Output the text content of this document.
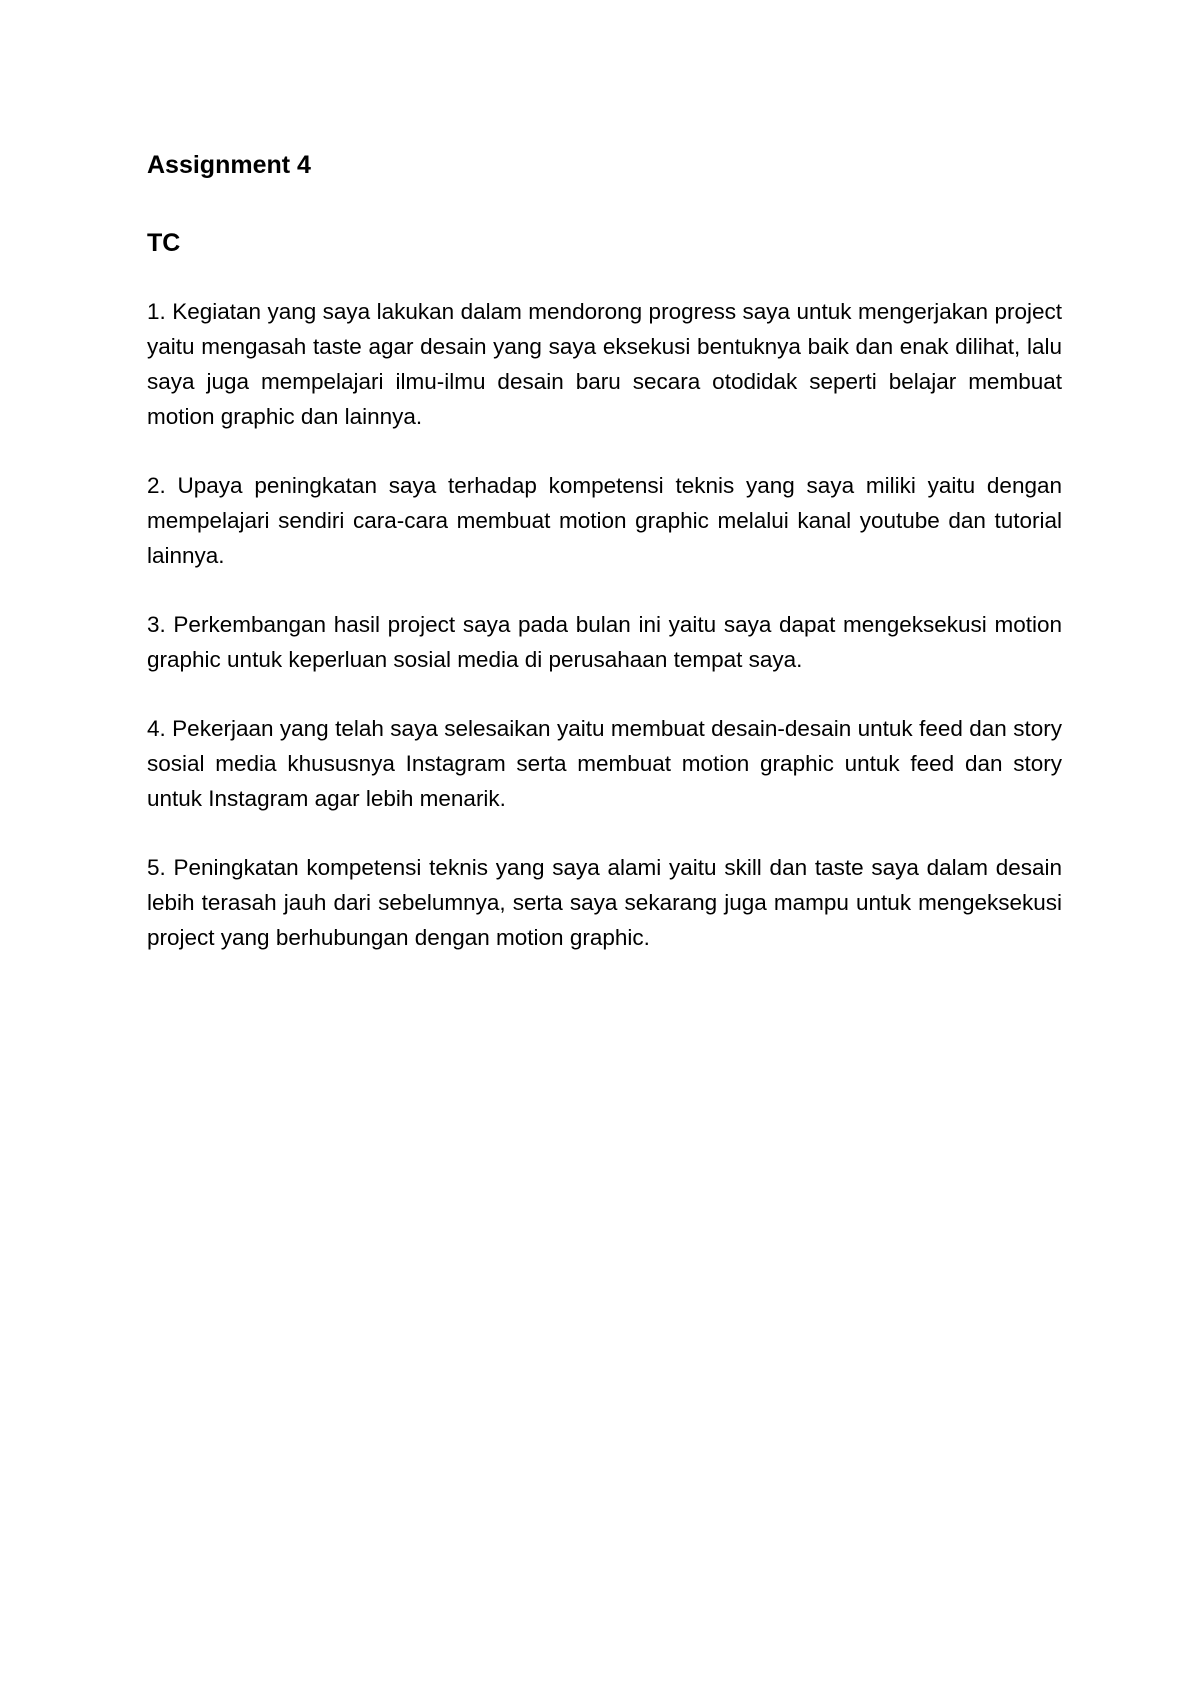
Assignment 4
TC

1. Kegiatan yang saya lakukan dalam mendorong progress saya untuk mengerjakan project yaitu mengasah taste agar desain yang saya eksekusi bentuknya baik dan enak dilihat, lalu saya juga mempelajari ilmu-ilmu desain baru secara otodidak seperti belajar membuat motion graphic dan lainnya.

2. Upaya peningkatan saya terhadap kompetensi teknis yang saya miliki yaitu dengan mempelajari sendiri cara-cara membuat motion graphic melalui kanal youtube dan tutorial lainnya.

3. Perkembangan hasil project saya pada bulan ini yaitu saya dapat mengeksekusi motion graphic untuk keperluan sosial media di perusahaan tempat saya.

4. Pekerjaan yang telah saya selesaikan yaitu membuat desain-desain untuk feed dan story sosial media khususnya Instagram serta membuat motion graphic untuk feed dan story untuk Instagram agar lebih menarik.

5. Peningkatan kompetensi teknis yang saya alami yaitu skill dan taste saya dalam desain lebih terasah jauh dari sebelumnya, serta saya sekarang juga mampu untuk mengeksekusi project yang berhubungan dengan motion graphic.
